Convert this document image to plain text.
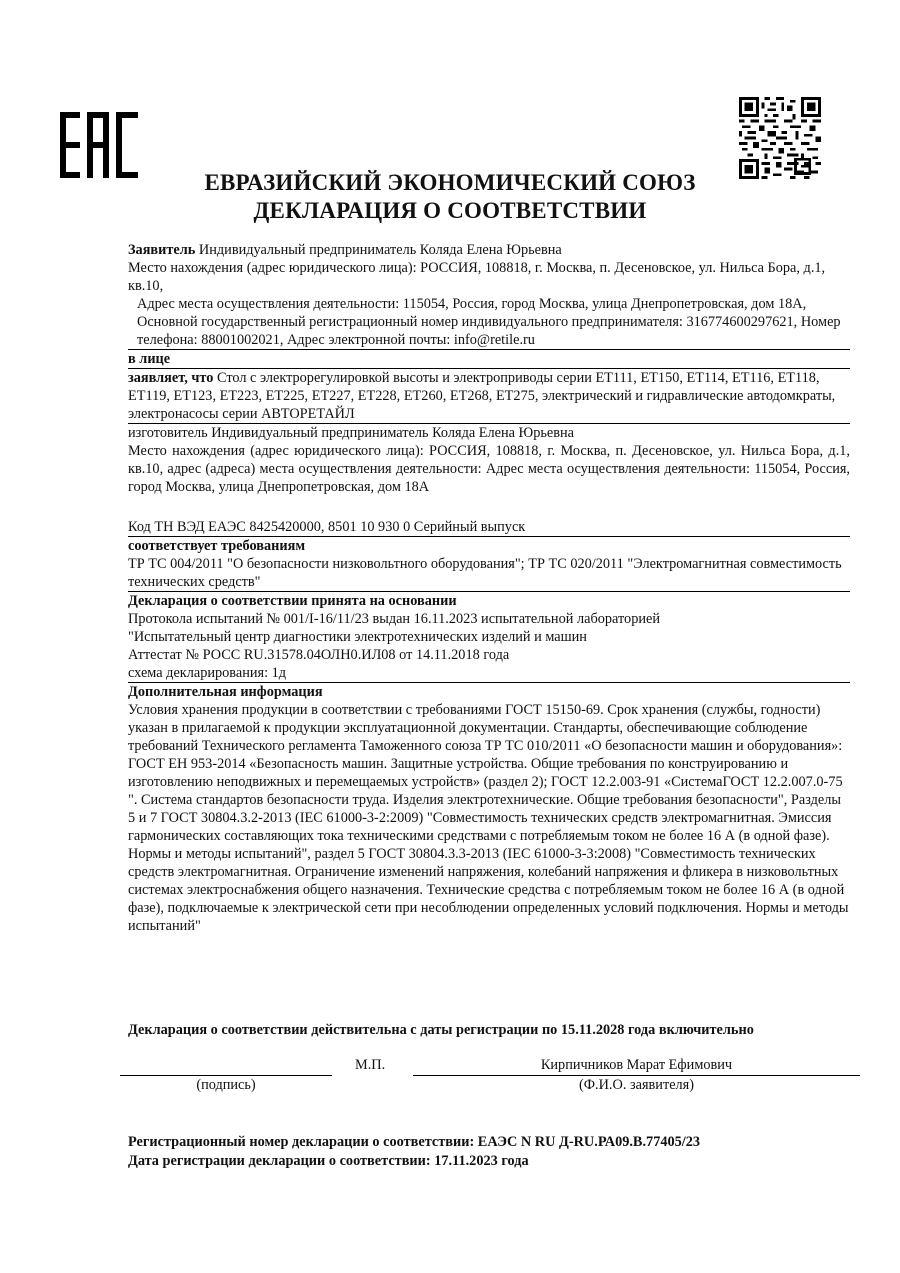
ЕВРАЗИЙСКИЙ ЭКОНОМИЧЕСКИЙ СОЮЗ
ДЕКЛАРАЦИЯ О СООТВЕТСТВИИ
Заявитель Индивидуальный предприниматель Коляда Елена Юрьевна
Место нахождения (адрес юридического лица): РОССИЯ, 108818, г. Москва, п. Десеновское, ул. Нильса Бора, д.1, кв.10,
Адрес места осуществления деятельности: 115054, Россия, город Москва, улица Днепропетровская, дом 18А, Основной государственный регистрационный номер индивидуального предпринимателя: 316774600297621, Номер телефона: 88001002021, Адрес электронной почты: info@retile.ru
в лице
заявляет, что Стол с электрорегулировкой высоты и электроприводы серии ЕТ111, ЕТ150, ЕТ114, ЕТ116, ЕТ118, ЕТ119, ЕТ123, ЕТ223, ЕТ225, ЕТ227, ЕТ228, ЕТ260, ЕТ268, ЕТ275, электрический и гидравлические автодомкраты, электронасосы серии АВТОРЕТАЙЛ
изготовитель Индивидуальный предприниматель Коляда Елена Юрьевна
Место нахождения (адрес юридического лица): РОССИЯ, 108818, г. Москва, п. Десеновское, ул. Нильса Бора, д.1, кв.10, адрес (адреса) места осуществления деятельности: Адрес места осуществления деятельности: 115054, Россия, город Москва, улица Днепропетровская, дом 18А
Код ТН ВЭД ЕАЭС 8425420000, 8501 10 930 0 Серийный выпуск
соответствует требованиям
ТР ТС 004/2011 "О безопасности низковольтного оборудования"; ТР ТС 020/2011 "Электромагнитная совместимость технических средств"
Декларация о соответствии принята на основании
Протокола испытаний № 001/I-16/11/23 выдан 16.11.2023 испытательной лабораторией
"Испытательный центр диагностики электротехнических изделий и машин
Аттестат № РОСС RU.31578.04ОЛН0.ИЛ08 от 14.11.2018 года
схема декларирования: 1д
Дополнительная информация
Условия хранения продукции в соответствии с требованиями ГОСТ 15150-69. Срок хранения (службы, годности) указан в прилагаемой к продукции эксплуатационной документации. Стандарты, обеспечивающие соблюдение требований Технического регламента Таможенного союза ТР ТС 010/2011 «О безопасности машин и оборудования»: ГОСТ ЕН 953-2014 «Безопасность машин. Защитные устройства. Общие требования по конструированию и изготовлению неподвижных и перемещаемых устройств» (раздел 2); ГОСТ 12.2.003-91 «СистемаГОСТ 12.2.007.0-75 ". Система стандартов безопасности труда. Изделия электротехнические. Общие требования безопасности", Разделы 5 и 7 ГОСТ 30804.3.2-2013 (IEC 61000-3-2:2009) "Совместимость технических средств электромагнитная. Эмиссия гармонических составляющих тока техническими средствами с потребляемым током не более 16 А (в одной фазе). Нормы и методы испытаний", раздел 5 ГОСТ 30804.3.3-2013 (IEC 61000-3-3:2008) "Совместимость технических средств электромагнитная. Ограничение изменений напряжения, колебаний напряжения и фликера в низковольтных системах электроснабжения общего назначения. Технические средства с потребляемым током не более 16 А (в одной фазе), подключаемые к электрической сети при несоблюдении определенных условий подключения. Нормы и методы испытаний"
Декларация о соответствии действительна с даты регистрации по 15.11.2028 года включительно
М.П.	Кирпичников Марат Ефимович
(подпись)	(Ф.И.О. заявителя)
Регистрационный номер декларации о соответствии: ЕАЭС N RU Д-RU.РА09.В.77405/23
Дата регистрации декларации о соответствии: 17.11.2023 года
